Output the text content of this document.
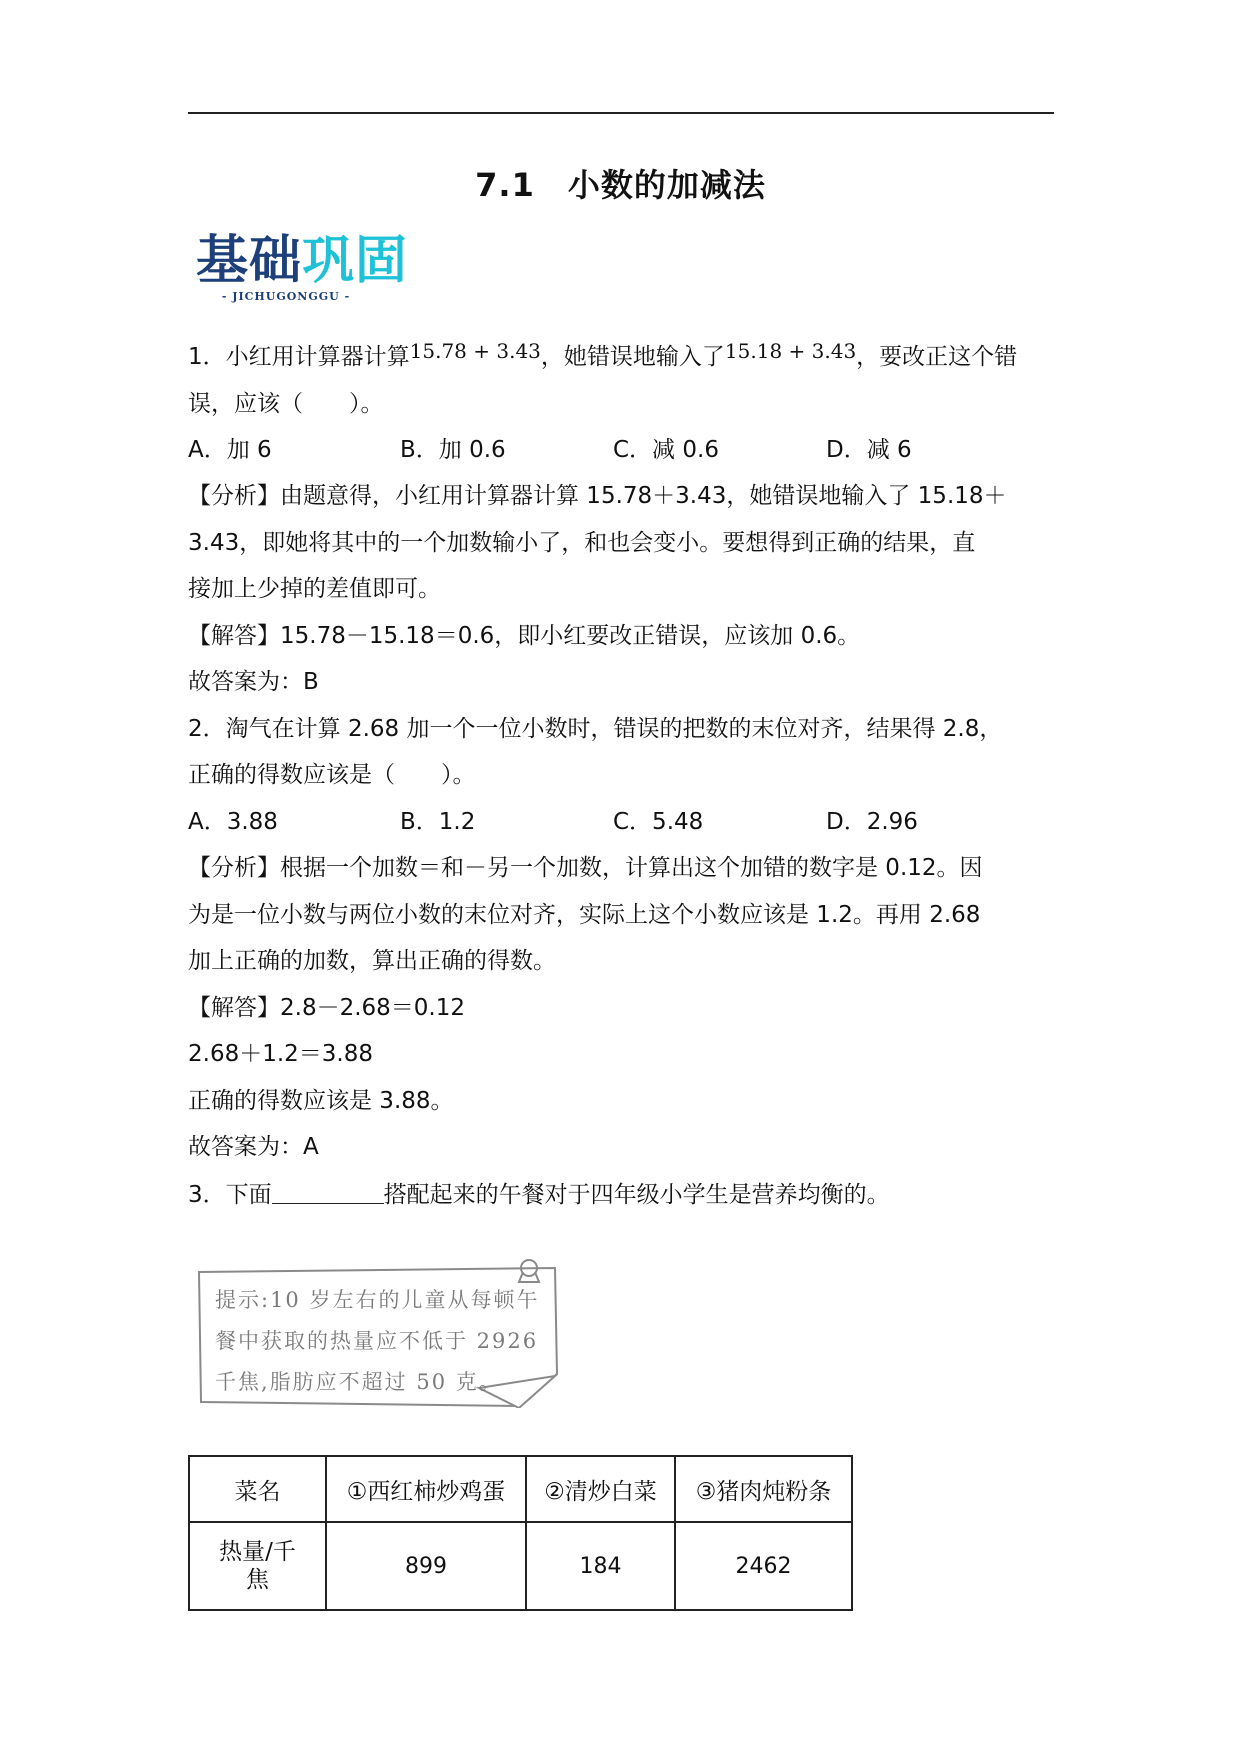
7.1　小数的加减法
基础巩固
- JICHUGONGGU -
1．小红用计算器计算15.78 + 3.43，她错误地输入了15.18 + 3.43，要改正这个错
误，应该（　　）。
A．加 6	B．加 0.6	C．减 0.6	D．减 6
【分析】由题意得，小红用计算器计算 15.78＋3.43，她错误地输入了 15.18＋
3.43，即她将其中的一个加数输小了，和也会变小。要想得到正确的结果，直
接加上少掉的差值即可。
【解答】15.78－15.18＝0.6，即小红要改正错误，应该加 0.6。
故答案为：B
2．淘气在计算 2.68 加一个一位小数时，错误的把数的末位对齐，结果得 2.8，
正确的得数应该是（　　）。
A．3.88	B．1.2	C．5.48	D．2.96
【分析】根据一个加数＝和－另一个加数，计算出这个加错的数字是 0.12。因
为是一位小数与两位小数的末位对齐，实际上这个小数应该是 1.2。再用 2.68
加上正确的加数，算出正确的得数。
【解答】2.8－2.68＝0.12
2.68＋1.2＝3.88
正确的得数应该是 3.88。
故答案为：A
3．下面	搭配起来的午餐对于四年级小学生是营养均衡的。
提示:10 岁左右的儿童从每顿午
餐中获取的热量应不低于 2926
千焦,脂肪应不超过 50 克。
菜名	①西红柿炒鸡蛋	②清炒白菜	③猪肉炖粉条

热量/千
焦	899	184	2462
